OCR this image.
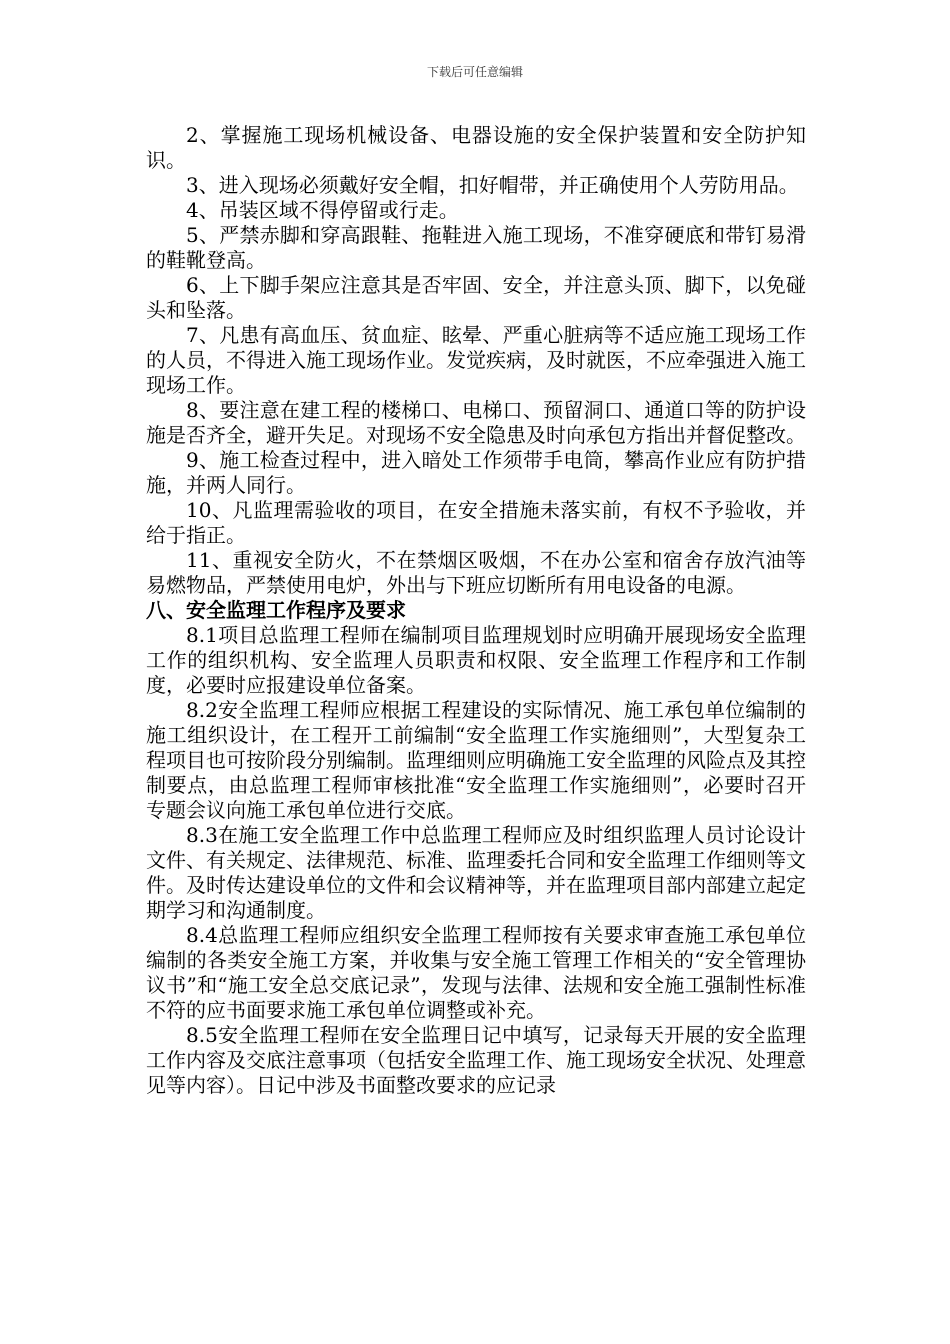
下载后可任意编辑

2、掌握施工现场机械设备、电器设施的安全保护装置和安全防护知识。

3、进入现场必须戴好安全帽，扣好帽带，并正确使用个人劳防用品。

4、吊装区域不得停留或行走。

5、严禁赤脚和穿高跟鞋、拖鞋进入施工现场，不准穿硬底和带钉易滑的鞋靴登高。

6、上下脚手架应注意其是否牢固、安全，并注意头顶、脚下，以免碰头和坠落。

7、凡患有高血压、贫血症、眩晕、严重心脏病等不适应施工现场工作的人员，不得进入施工现场作业。发觉疾病，及时就医，不应牵强进入施工现场工作。

8、要注意在建工程的楼梯口、电梯口、预留洞口、通道口等的防护设施是否齐全，避开失足。对现场不安全隐患及时向承包方指出并督促整改。

9、施工检查过程中，进入暗处工作须带手电筒，攀高作业应有防护措施，并两人同行。

10、凡监理需验收的项目，在安全措施未落实前，有权不予验收，并给于指正。

11、重视安全防火，不在禁烟区吸烟，不在办公室和宿舍存放汽油等易燃物品，严禁使用电炉，外出与下班应切断所有用电设备的电源。

八、安全监理工作程序及要求

8.1项目总监理工程师在编制项目监理规划时应明确开展现场安全监理工作的组织机构、安全监理人员职责和权限、安全监理工作程序和工作制度，必要时应报建设单位备案。

8.2安全监理工程师应根据工程建设的实际情况、施工承包单位编制的施工组织设计，在工程开工前编制“安全监理工作实施细则”，大型复杂工程项目也可按阶段分别编制。监理细则应明确施工安全监理的风险点及其控制要点，由总监理工程师审核批准“安全监理工作实施细则”，必要时召开专题会议向施工承包单位进行交底。

8.3在施工安全监理工作中总监理工程师应及时组织监理人员讨论设计文件、有关规定、法律规范、标准、监理委托合同和安全监理工作细则等文件。及时传达建设单位的文件和会议精神等，并在监理项目部内部建立起定期学习和沟通制度。

8.4总监理工程师应组织安全监理工程师按有关要求审查施工承包单位编制的各类安全施工方案，并收集与安全施工管理工作相关的“安全管理协议书”和“施工安全总交底记录”，发现与法律、法规和安全施工强制性标准不符的应书面要求施工承包单位调整或补充。

8.5安全监理工程师在安全监理日记中填写，记录每天开展的安全监理工作内容及交底注意事项（包括安全监理工作、施工现场安全状况、处理意见等内容）。日记中涉及书面整改要求的应记录
